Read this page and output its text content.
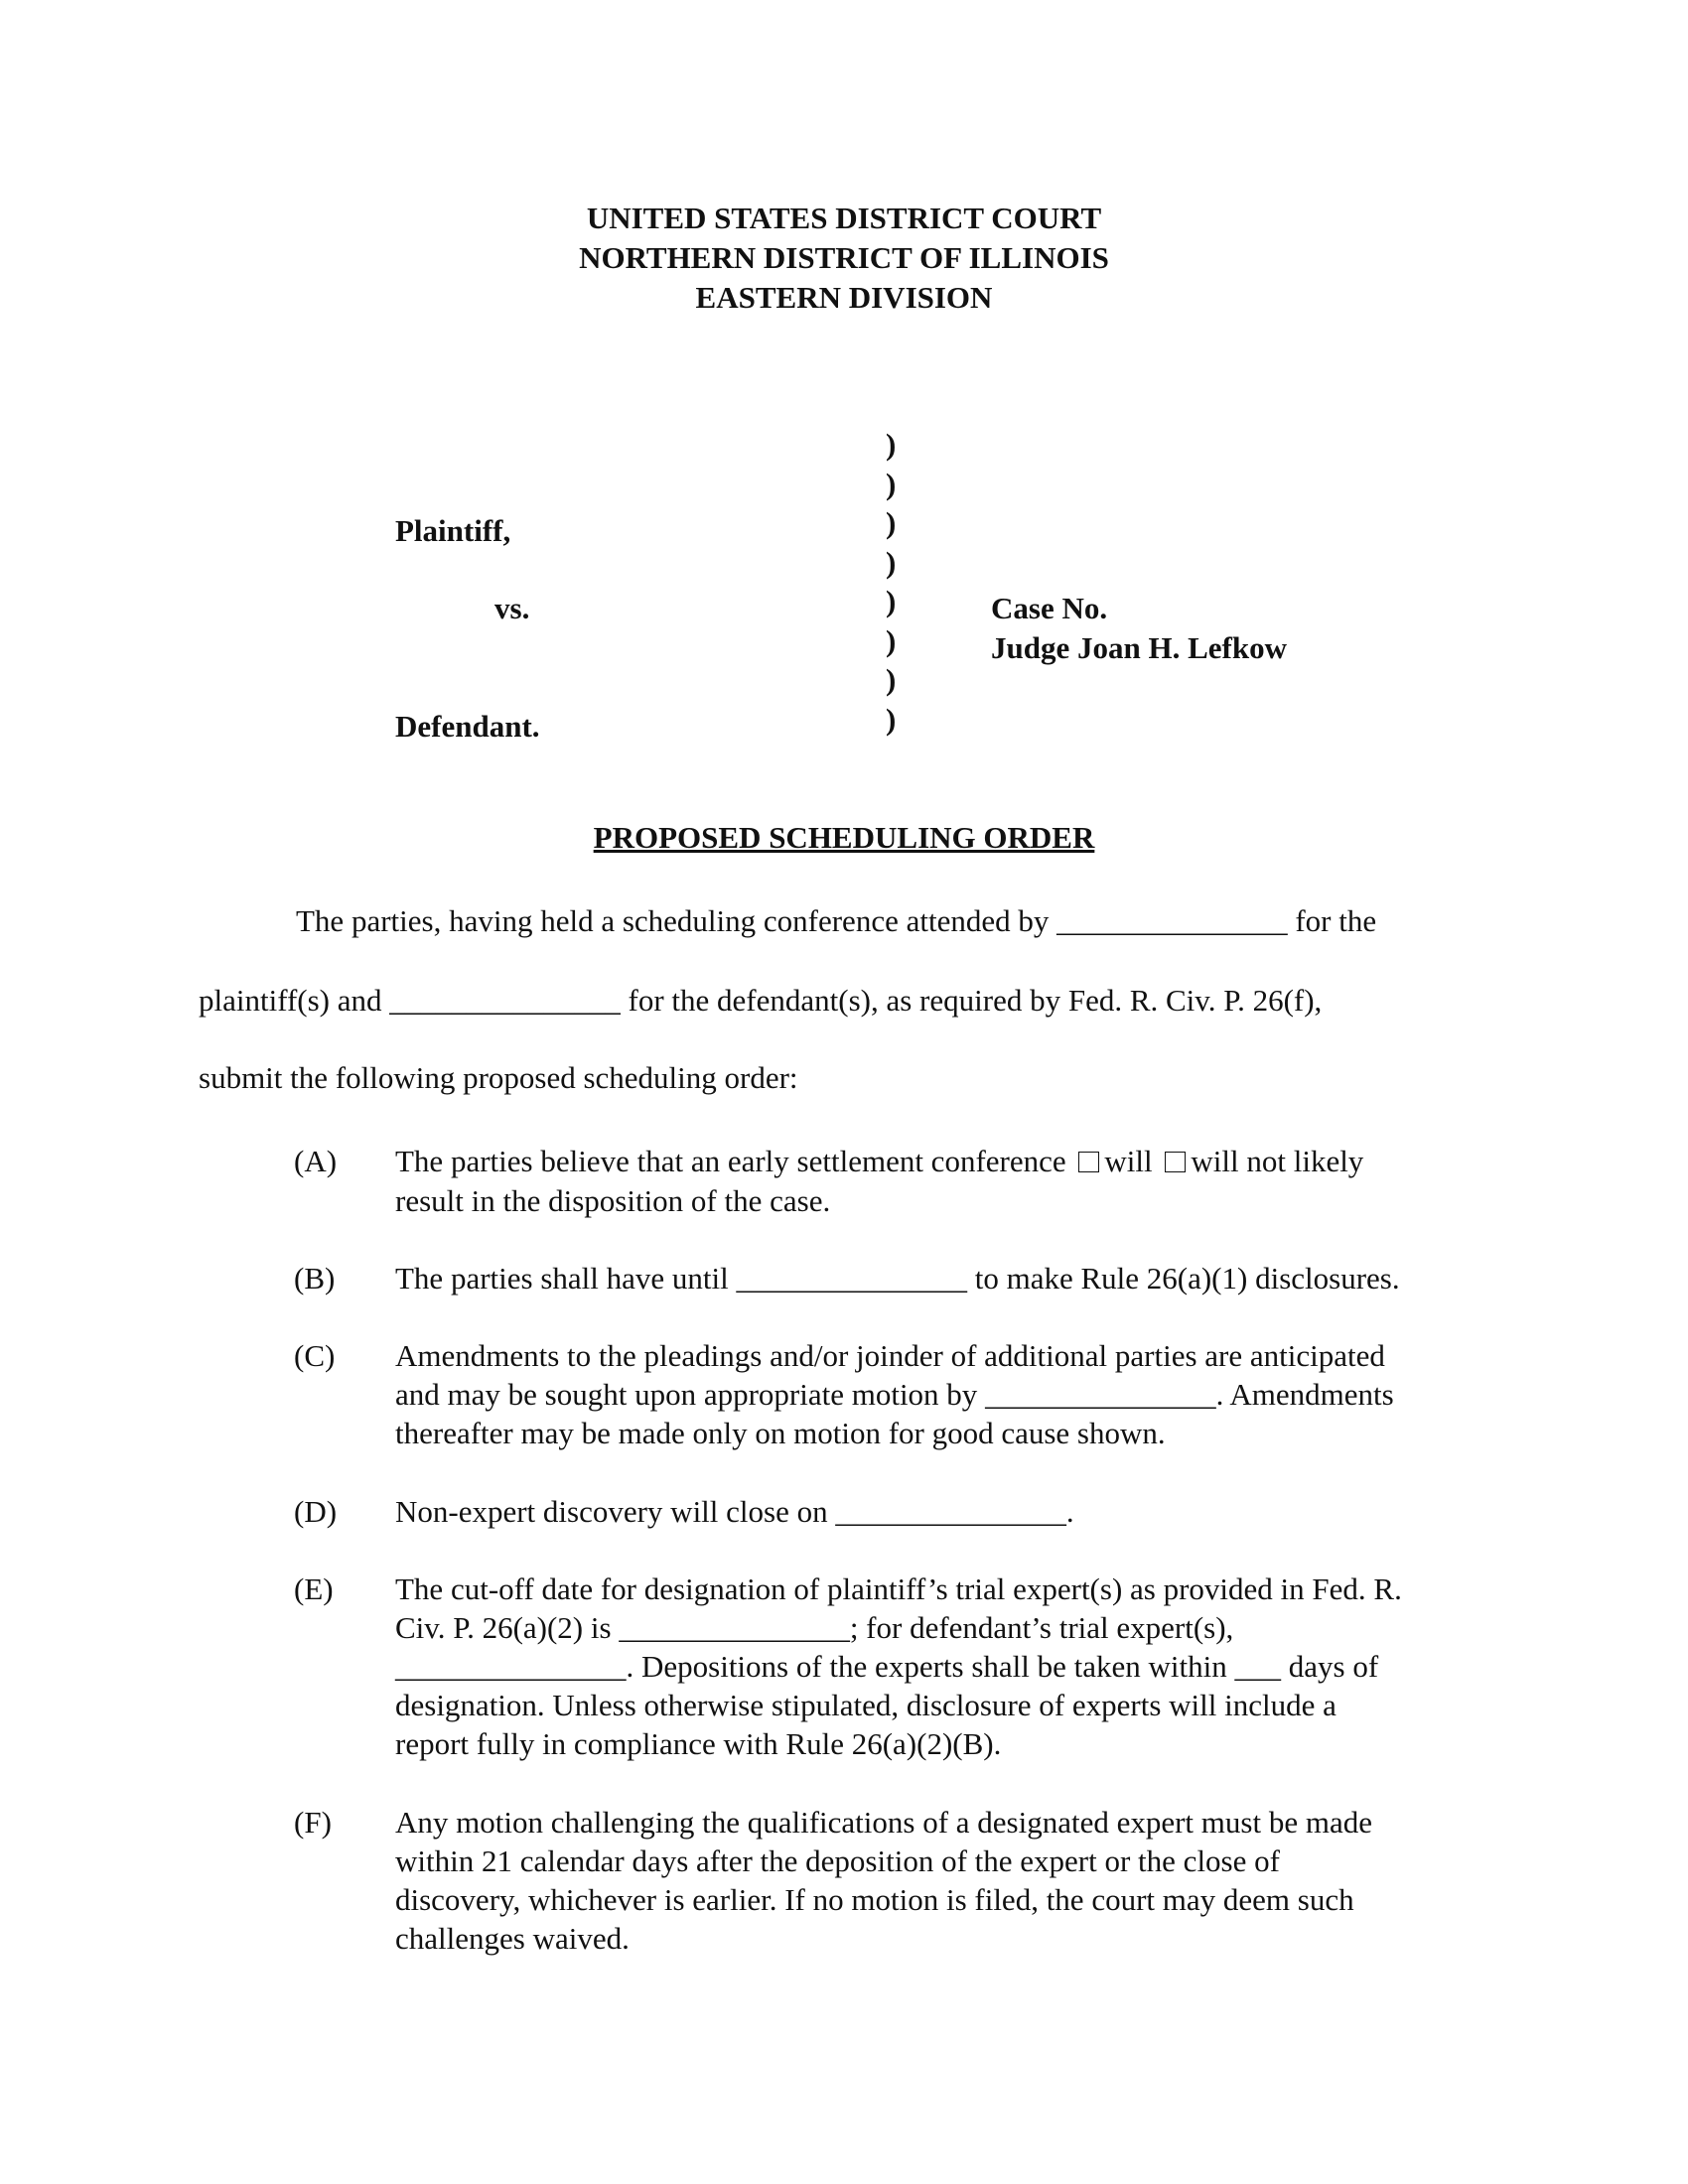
UNITED STATES DISTRICT COURT
NORTHERN DISTRICT OF ILLINOIS
EASTERN DIVISION
Plaintiff,
vs.
Defendant.
)
)
)
)
)
)
)
)
Case No.
Judge Joan H. Lefkow
PROPOSED SCHEDULING ORDER
The parties, having held a scheduling conference attended by _______________ for the
plaintiff(s) and _______________ for the defendant(s), as required by Fed. R. Civ. P. 26(f),
submit the following proposed scheduling order:
(A) The parties believe that an early settlement conference will will not likely
result in the disposition of the case.
(B) The parties shall have until _______________ to make Rule 26(a)(1) disclosures.
(C) Amendments to the pleadings and/or joinder of additional parties are anticipated
and may be sought upon appropriate motion by _______________. Amendments
thereafter may be made only on motion for good cause shown.
(D) Non-expert discovery will close on _______________.
(E) The cut-off date for designation of plaintiff’s trial expert(s) as provided in Fed. R.
Civ. P. 26(a)(2) is _______________; for defendant’s trial expert(s),
_______________. Depositions of the experts shall be taken within ___ days of
designation. Unless otherwise stipulated, disclosure of experts will include a
report fully in compliance with Rule 26(a)(2)(B).
(F) Any motion challenging the qualifications of a designated expert must be made
within 21 calendar days after the deposition of the expert or the close of
discovery, whichever is earlier. If no motion is filed, the court may deem such
challenges waived.
